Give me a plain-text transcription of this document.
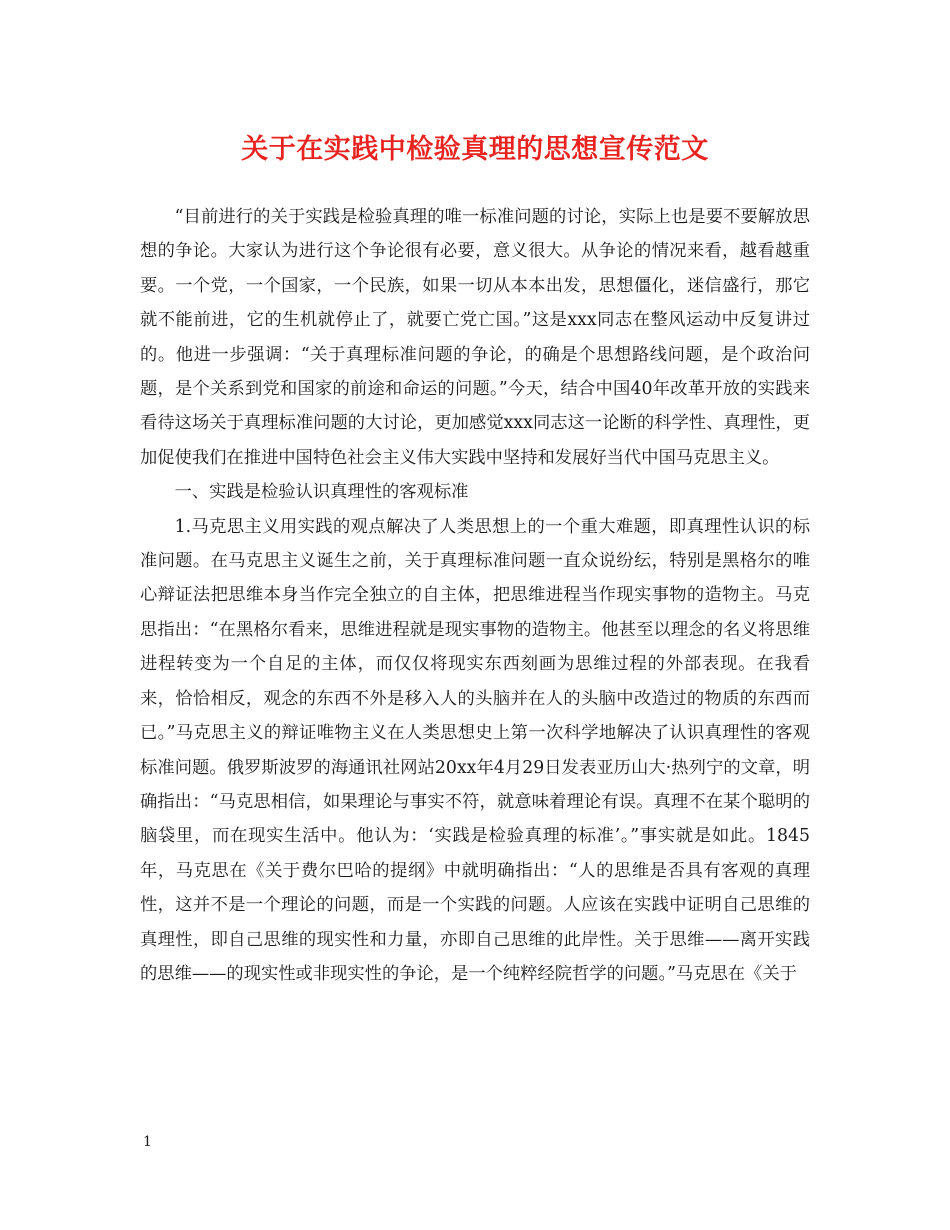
关于在实践中检验真理的思想宣传范文

“目前进行的关于实践是检验真理的唯一标准问题的讨论，实际上也是要不要解放思想的争论。大家认为进行这个争论很有必要，意义很大。从争论的情况来看，越看越重要。一个党，一个国家，一个民族，如果一切从本本出发，思想僵化，迷信盛行，那它就不能前进，它的生机就停止了，就要亡党亡国。”这是xxx同志在整风运动中反复讲过的。他进一步强调：“关于真理标准问题的争论，的确是个思想路线问题，是个政治问题，是个关系到党和国家的前途和命运的问题。”今天，结合中国40年改革开放的实践来看待这场关于真理标准问题的大讨论，更加感觉xxx同志这一论断的科学性、真理性，更加促使我们在推进中国特色社会主义伟大实践中坚持和发展好当代中国马克思主义。

一、实践是检验认识真理性的客观标准

1.马克思主义用实践的观点解决了人类思想上的一个重大难题，即真理性认识的标准问题。在马克思主义诞生之前，关于真理标准问题一直众说纷纭，特别是黑格尔的唯心辩证法把思维本身当作完全独立的自主体，把思维进程当作现实事物的造物主。马克思指出：“在黑格尔看来，思维进程就是现实事物的造物主。他甚至以理念的名义将思维进程转变为一个自足的主体，而仅仅将现实东西刻画为思维过程的外部表现。在我看来，恰恰相反，观念的东西不外是移入人的头脑并在人的头脑中改造过的物质的东西而已。”马克思主义的辩证唯物主义在人类思想史上第一次科学地解决了认识真理性的客观标准问题。俄罗斯波罗的海通讯社网站20xx年4月29日发表亚历山大·热列宁的文章，明确指出：“马克思相信，如果理论与事实不符，就意味着理论有误。真理不在某个聪明的脑袋里，而在现实生活中。他认为：‘实践是检验真理的标准’。”事实就是如此。1845年，马克思在《关于费尔巴哈的提纲》中就明确指出：“人的思维是否具有客观的真理性，这并不是一个理论的问题，而是一个实践的问题。人应该在实践中证明自己思维的真理性，即自己思维的现实性和力量，亦即自己思维的此岸性。关于思维——离开实践的思维——的现实性或非现实性的争论，是一个纯粹经院哲学的问题。”马克思在《关于

1
